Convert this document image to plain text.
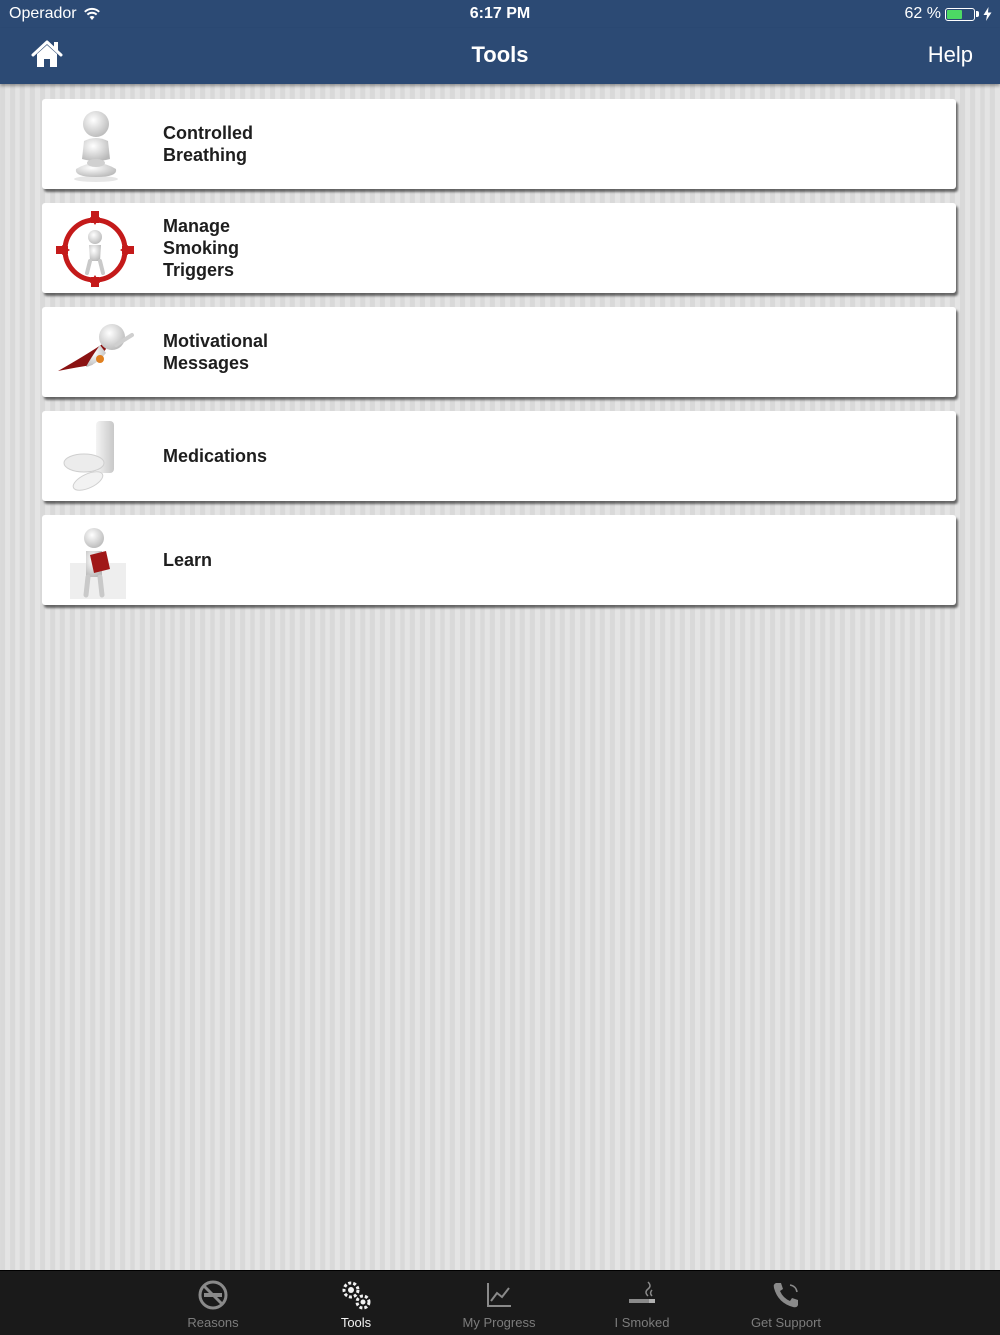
Operador	6:17 PM	62 %
Tools	Help
Controlled
Breathing
Manage
Smoking
Triggers
Motivational
Messages
Medications
Learn
Reasons	Tools	My Progress	I Smoked	Get Support
